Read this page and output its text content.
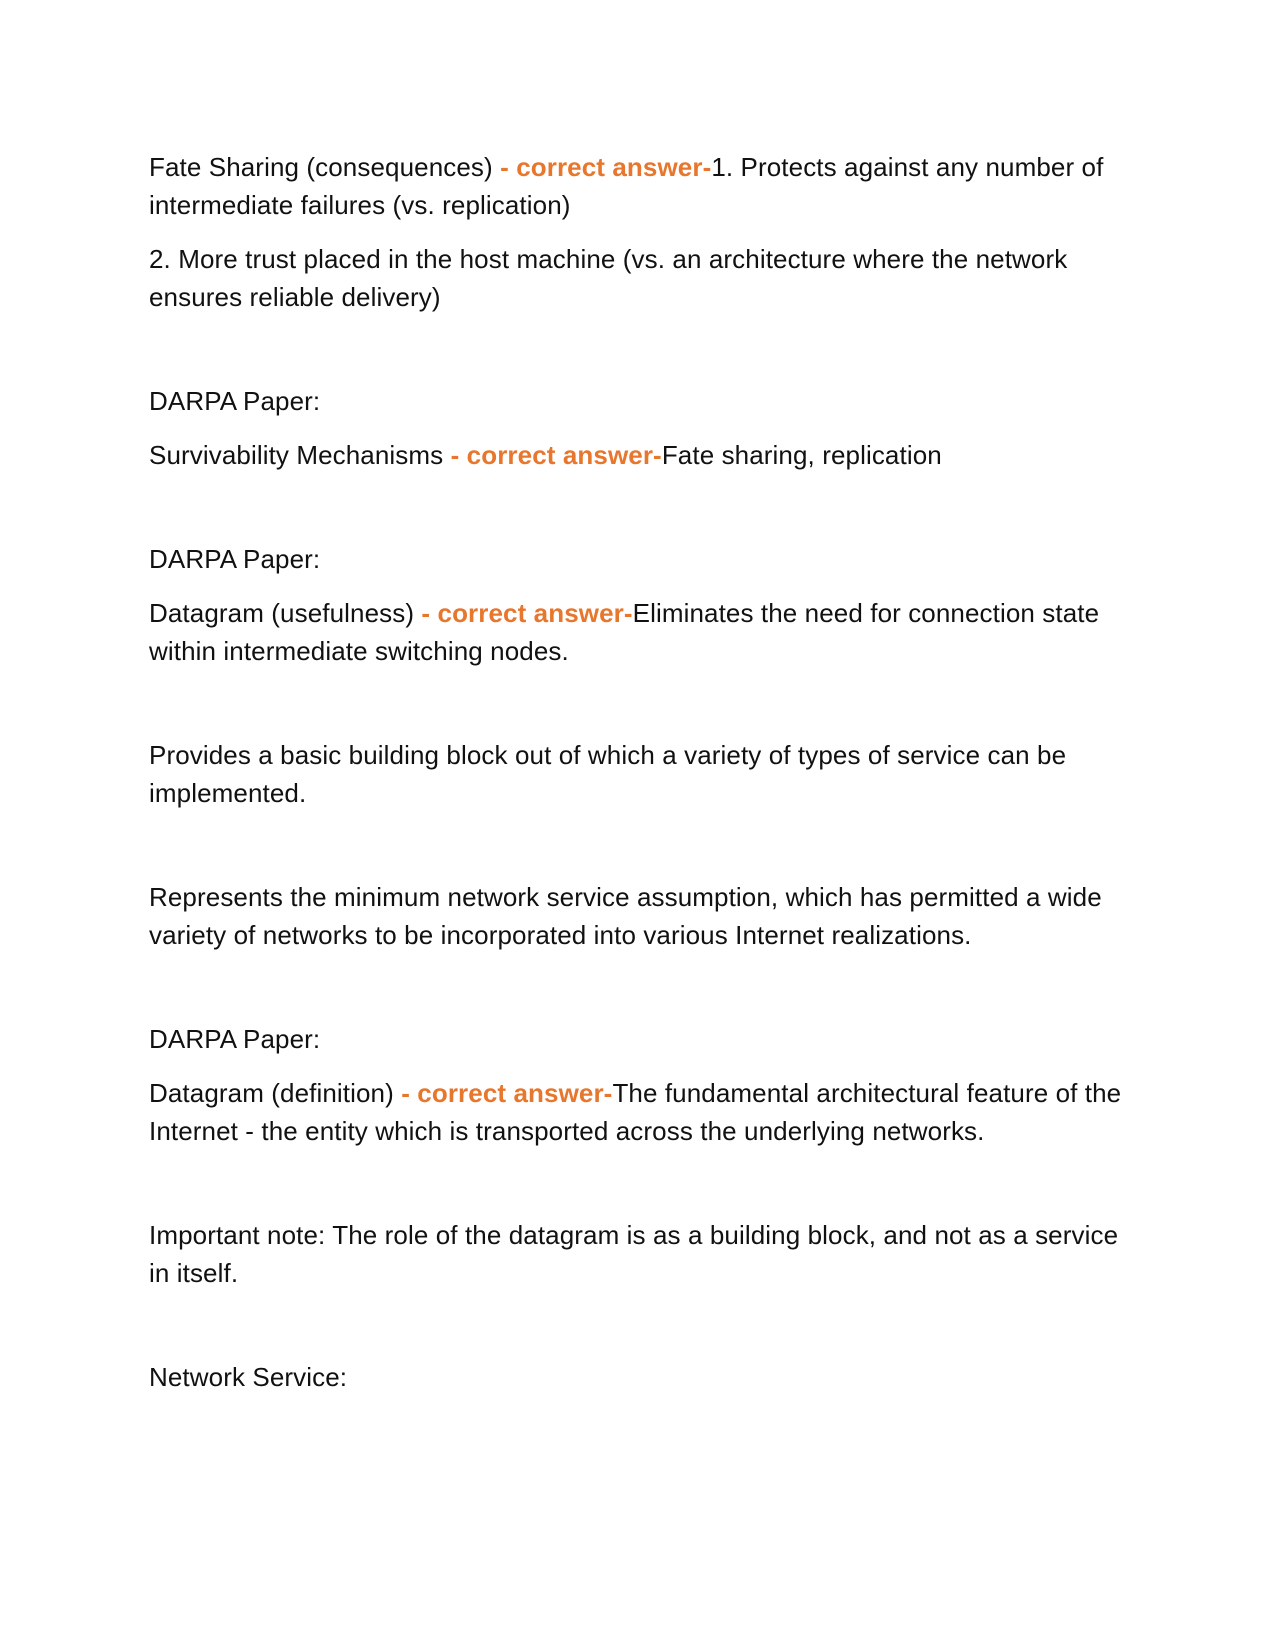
Fate Sharing (consequences) - correct answer-1. Protects against any number of intermediate failures (vs. replication)

2. More trust placed in the host machine (vs. an architecture where the network ensures reliable delivery)

DARPA Paper:

Survivability Mechanisms - correct answer-Fate sharing, replication

DARPA Paper:

Datagram (usefulness) - correct answer-Eliminates the need for connection state within intermediate switching nodes.

Provides a basic building block out of which a variety of types of service can be implemented.

Represents the minimum network service assumption, which has permitted a wide variety of networks to be incorporated into various Internet realizations.

DARPA Paper:

Datagram (definition) - correct answer-The fundamental architectural feature of the Internet - the entity which is transported across the underlying networks.

Important note: The role of the datagram is as a building block, and not as a service in itself.

Network Service:
